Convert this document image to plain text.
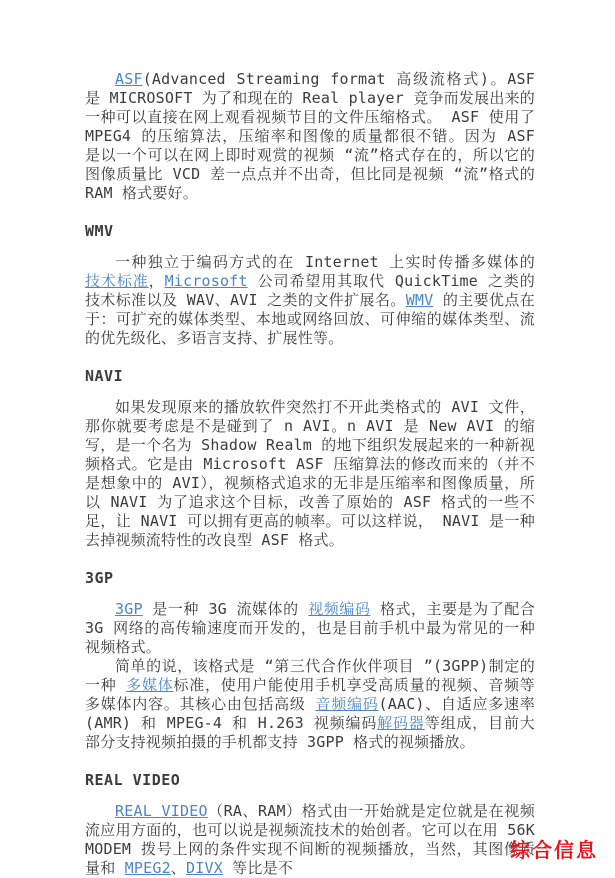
ASF(Advanced Streaming format 高级流格式)。ASF 是 MICROSOFT 为了和现在的 Real player 竞争而发展出来的一种可以直接在网上观看视频节目的文件压缩格式。 ASF 使用了 MPEG4 的压缩算法，压缩率和图像的质量都很不错。因为 ASF 是以一个可以在网上即时观赏的视频 “流”格式存在的，所以它的图像质量比 VCD 差一点点并不出奇，但比同是视频 “流”格式的 RAM 格式要好。

WMV

一种独立于编码方式的在 Internet 上实时传播多媒体的 技术标准，Microsoft 公司希望用其取代 QuickTime 之类的技术标准以及 WAV、AVI 之类的文件扩展名。WMV 的主要优点在于：可扩充的媒体类型、本地或网络回放、可伸缩的媒体类型、流的优先级化、多语言支持、扩展性等。

NAVI

如果发现原来的播放软件突然打不开此类格式的 AVI 文件，那你就要考虑是不是碰到了 n AVI。n AVI 是 New AVI 的缩写，是一个名为 Shadow Realm 的地下组织发展起来的一种新视频格式。它是由 Microsoft ASF 压缩算法的修改而来的（并不是想象中的 AVI），视频格式追求的无非是压缩率和图像质量，所以 NAVI 为了追求这个目标，改善了原始的 ASF 格式的一些不足，让 NAVI 可以拥有更高的帧率。可以这样说， NAVI 是一种去掉视频流特性的改良型 ASF 格式。

3GP

3GP 是一种 3G 流媒体的 视频编码 格式，主要是为了配合 3G 网络的高传输速度而开发的，也是目前手机中最为常见的一种视频格式。

简单的说，该格式是 “第三代合作伙伴项目 ”(3GPP)制定的一种 多媒体标准，使用户能使用手机享受高质量的视频、音频等多媒体内容。其核心由包括高级 音频编码(AAC)、自适应多速率 (AMR) 和 MPEG-4 和 H.263 视频编码解码器等组成，目前大部分支持视频拍摄的手机都支持 3GPP 格式的视频播放。

REAL VIDEO

REAL VIDEO（RA、RAM）格式由一开始就是定位就是在视频流应用方面的，也可以说是视频流技术的始创者。它可以在用 56K MODEM 拨号上网的条件实现不间断的视频播放，当然，其图像质量和 MPEG2、DIVX 等比是不

综合信息
